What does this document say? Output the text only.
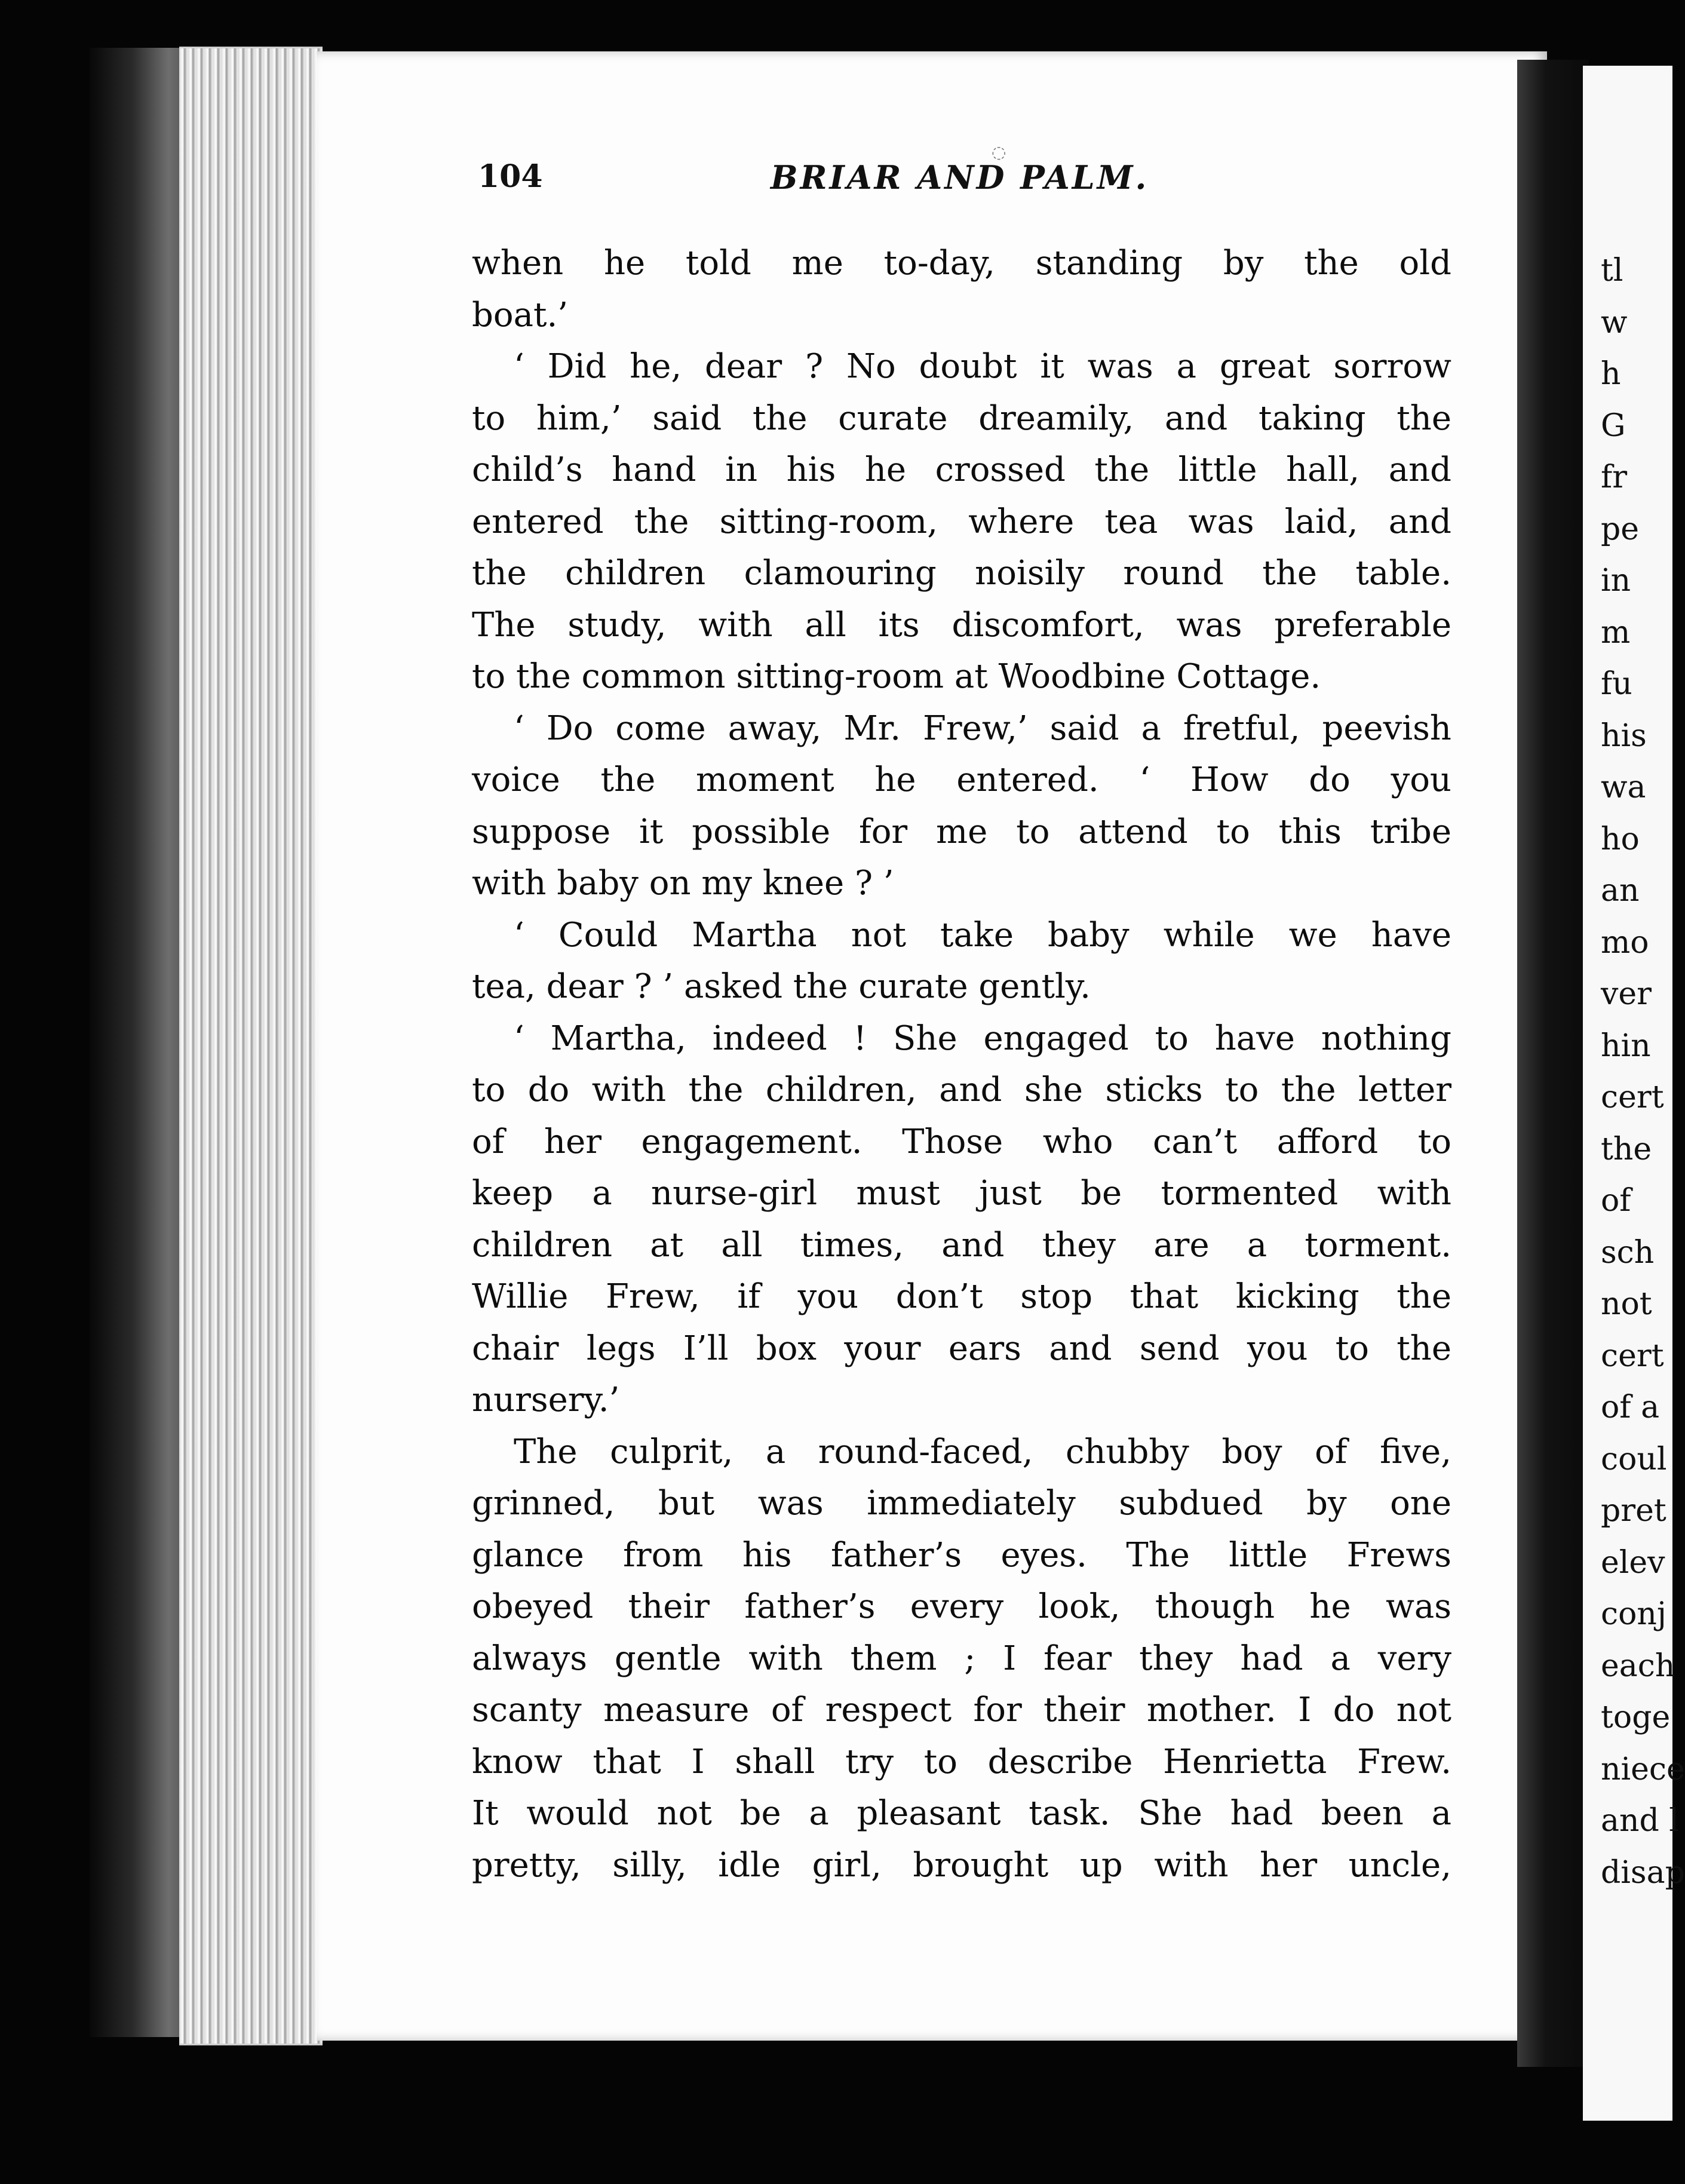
◌
104	BRIAR AND PALM.
when he told me to-day, standing by the old
boat.’
‘ Did he, dear ? No doubt it was a great sorrow
to him,’ said the curate dreamily, and taking the
child’s hand in his he crossed the little hall, and
entered the sitting-room, where tea was laid, and
the children clamouring noisily round the table.
The study, with all its discomfort, was preferable
to the common sitting-room at Woodbine Cottage.
‘ Do come away, Mr. Frew,’ said a fretful, peevish
voice the moment he entered. ‘ How do you
suppose it possible for me to attend to this tribe
with baby on my knee ? ’
‘ Could Martha not take baby while we have
tea, dear ? ’ asked the curate gently.
‘ Martha, indeed ! She engaged to have nothing
to do with the children, and she sticks to the letter
of her engagement. Those who can’t afford to
keep a nurse-girl must just be tormented with
children at all times, and they are a torment.
Willie Frew, if you don’t stop that kicking the
chair legs I’ll box your ears and send you to the
nursery.’
The culprit, a round-faced, chubby boy of five,
grinned, but was immediately subdued by one
glance from his father’s eyes. The little Frews
obeyed their father’s every look, though he was
always gentle with them ; I fear they had a very
scanty measure of respect for their mother. I do not
know that I shall try to describe Henrietta Frew.
It would not be a pleasant task. She had been a
pretty, silly, idle girl, brought up with her uncle,
tl
w
h
G
fr
pe
in
m
fu
his
wa
ho
an
mo
ver
hin
cert
the
of
sch
not
cert
of a
coul
pret
elev
conj
each
toge
niece
and l
disap
